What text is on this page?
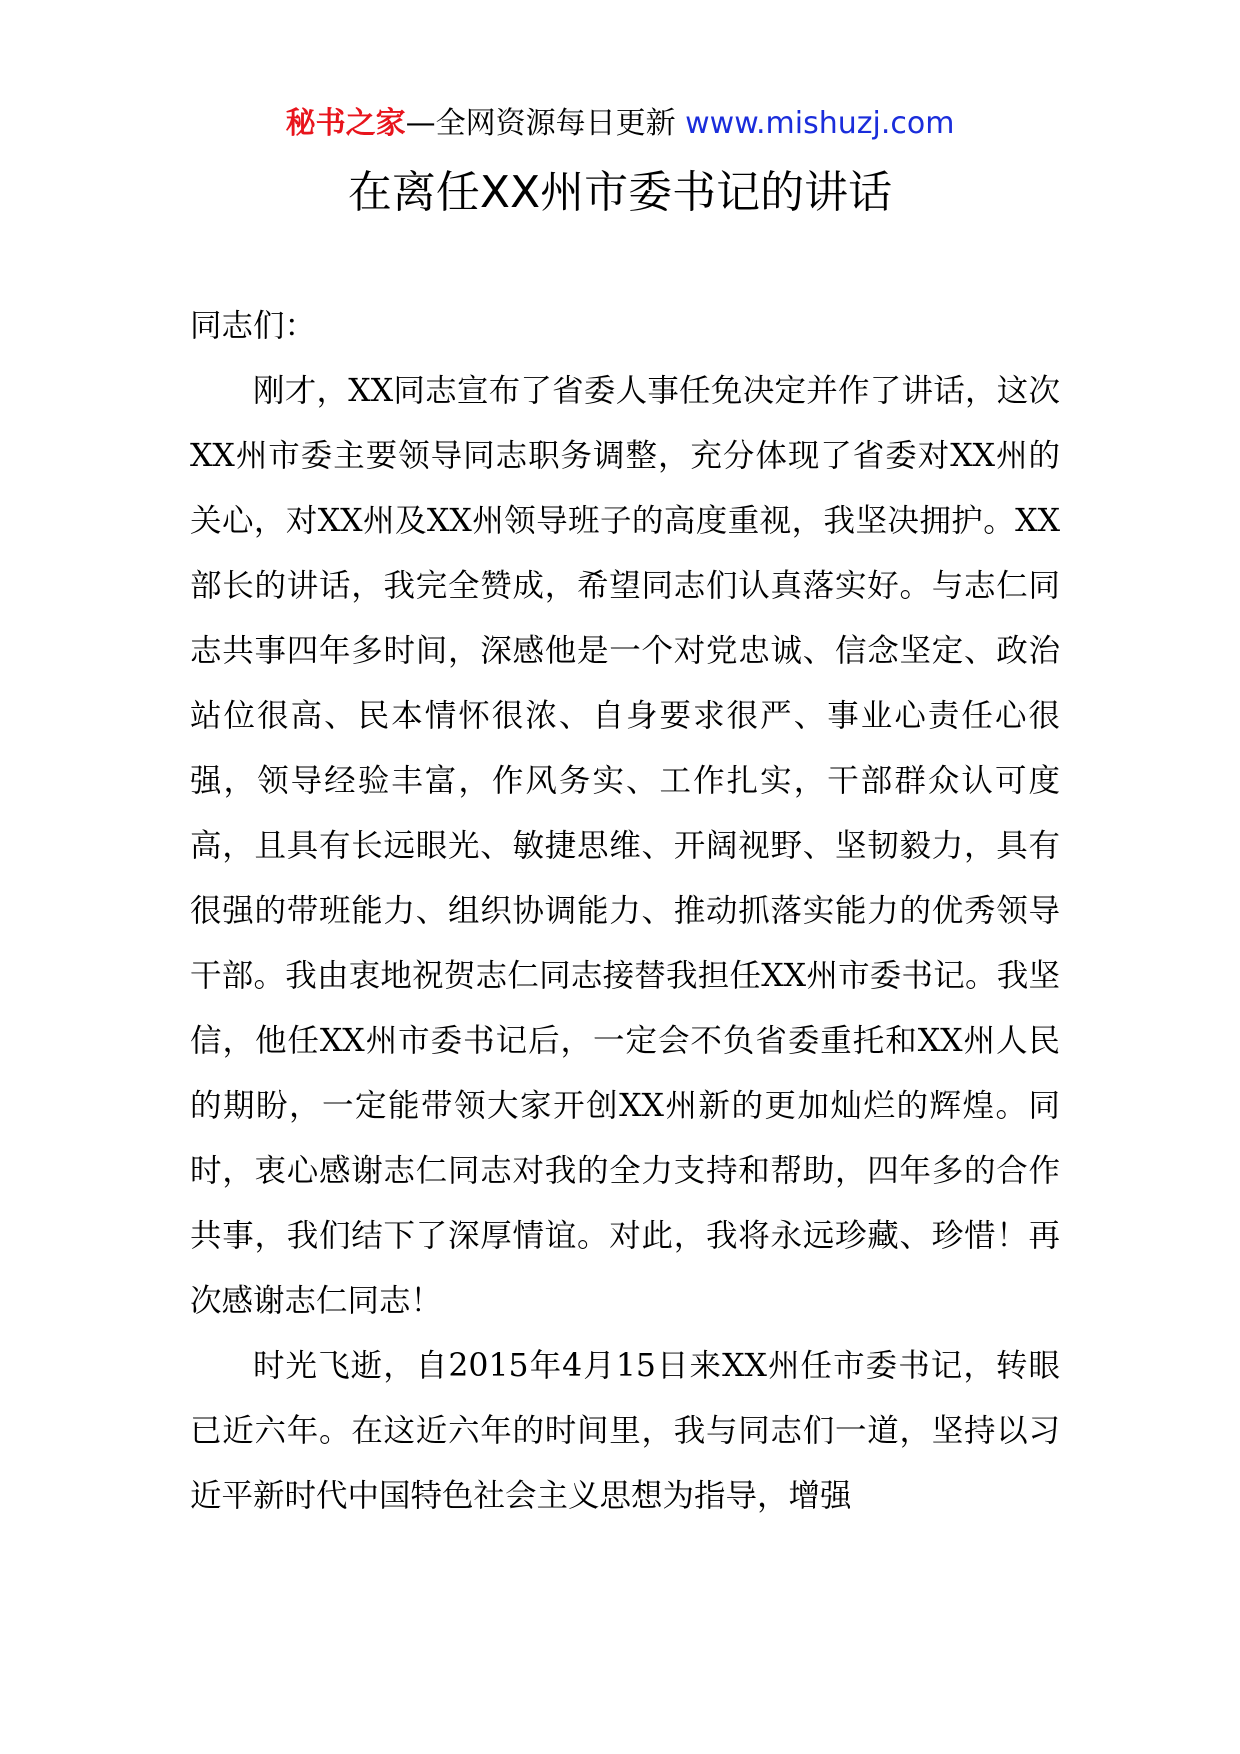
秘书之家—全网资源每日更新 www.mishuzj.com
在离任XX州市委书记的讲话

同志们：

刚才，XX同志宣布了省委人事任免决定并作了讲话，这次XX州市委主要领导同志职务调整，充分体现了省委对XX州的关心，对XX州及XX州领导班子的高度重视，我坚决拥护。XX部长的讲话，我完全赞成，希望同志们认真落实好。与志仁同志共事四年多时间，深感他是一个对党忠诚、信念坚定、政治站位很高、民本情怀很浓、自身要求很严、事业心责任心很强，领导经验丰富，作风务实、工作扎实，干部群众认可度高，且具有长远眼光、敏捷思维、开阔视野、坚韧毅力，具有很强的带班能力、组织协调能力、推动抓落实能力的优秀领导干部。我由衷地祝贺志仁同志接替我担任XX州市委书记。我坚信，他任XX州市委书记后，一定会不负省委重托和XX州人民的期盼，一定能带领大家开创XX州新的更加灿烂的辉煌。同时，衷心感谢志仁同志对我的全力支持和帮助，四年多的合作共事，我们结下了深厚情谊。对此，我将永远珍藏、珍惜！再次感谢志仁同志！

时光飞逝，自2015年4月15日来XX州任市委书记，转眼已近六年。在这近六年的时间里，我与同志们一道，坚持以习近平新时代中国特色社会主义思想为指导，增强
